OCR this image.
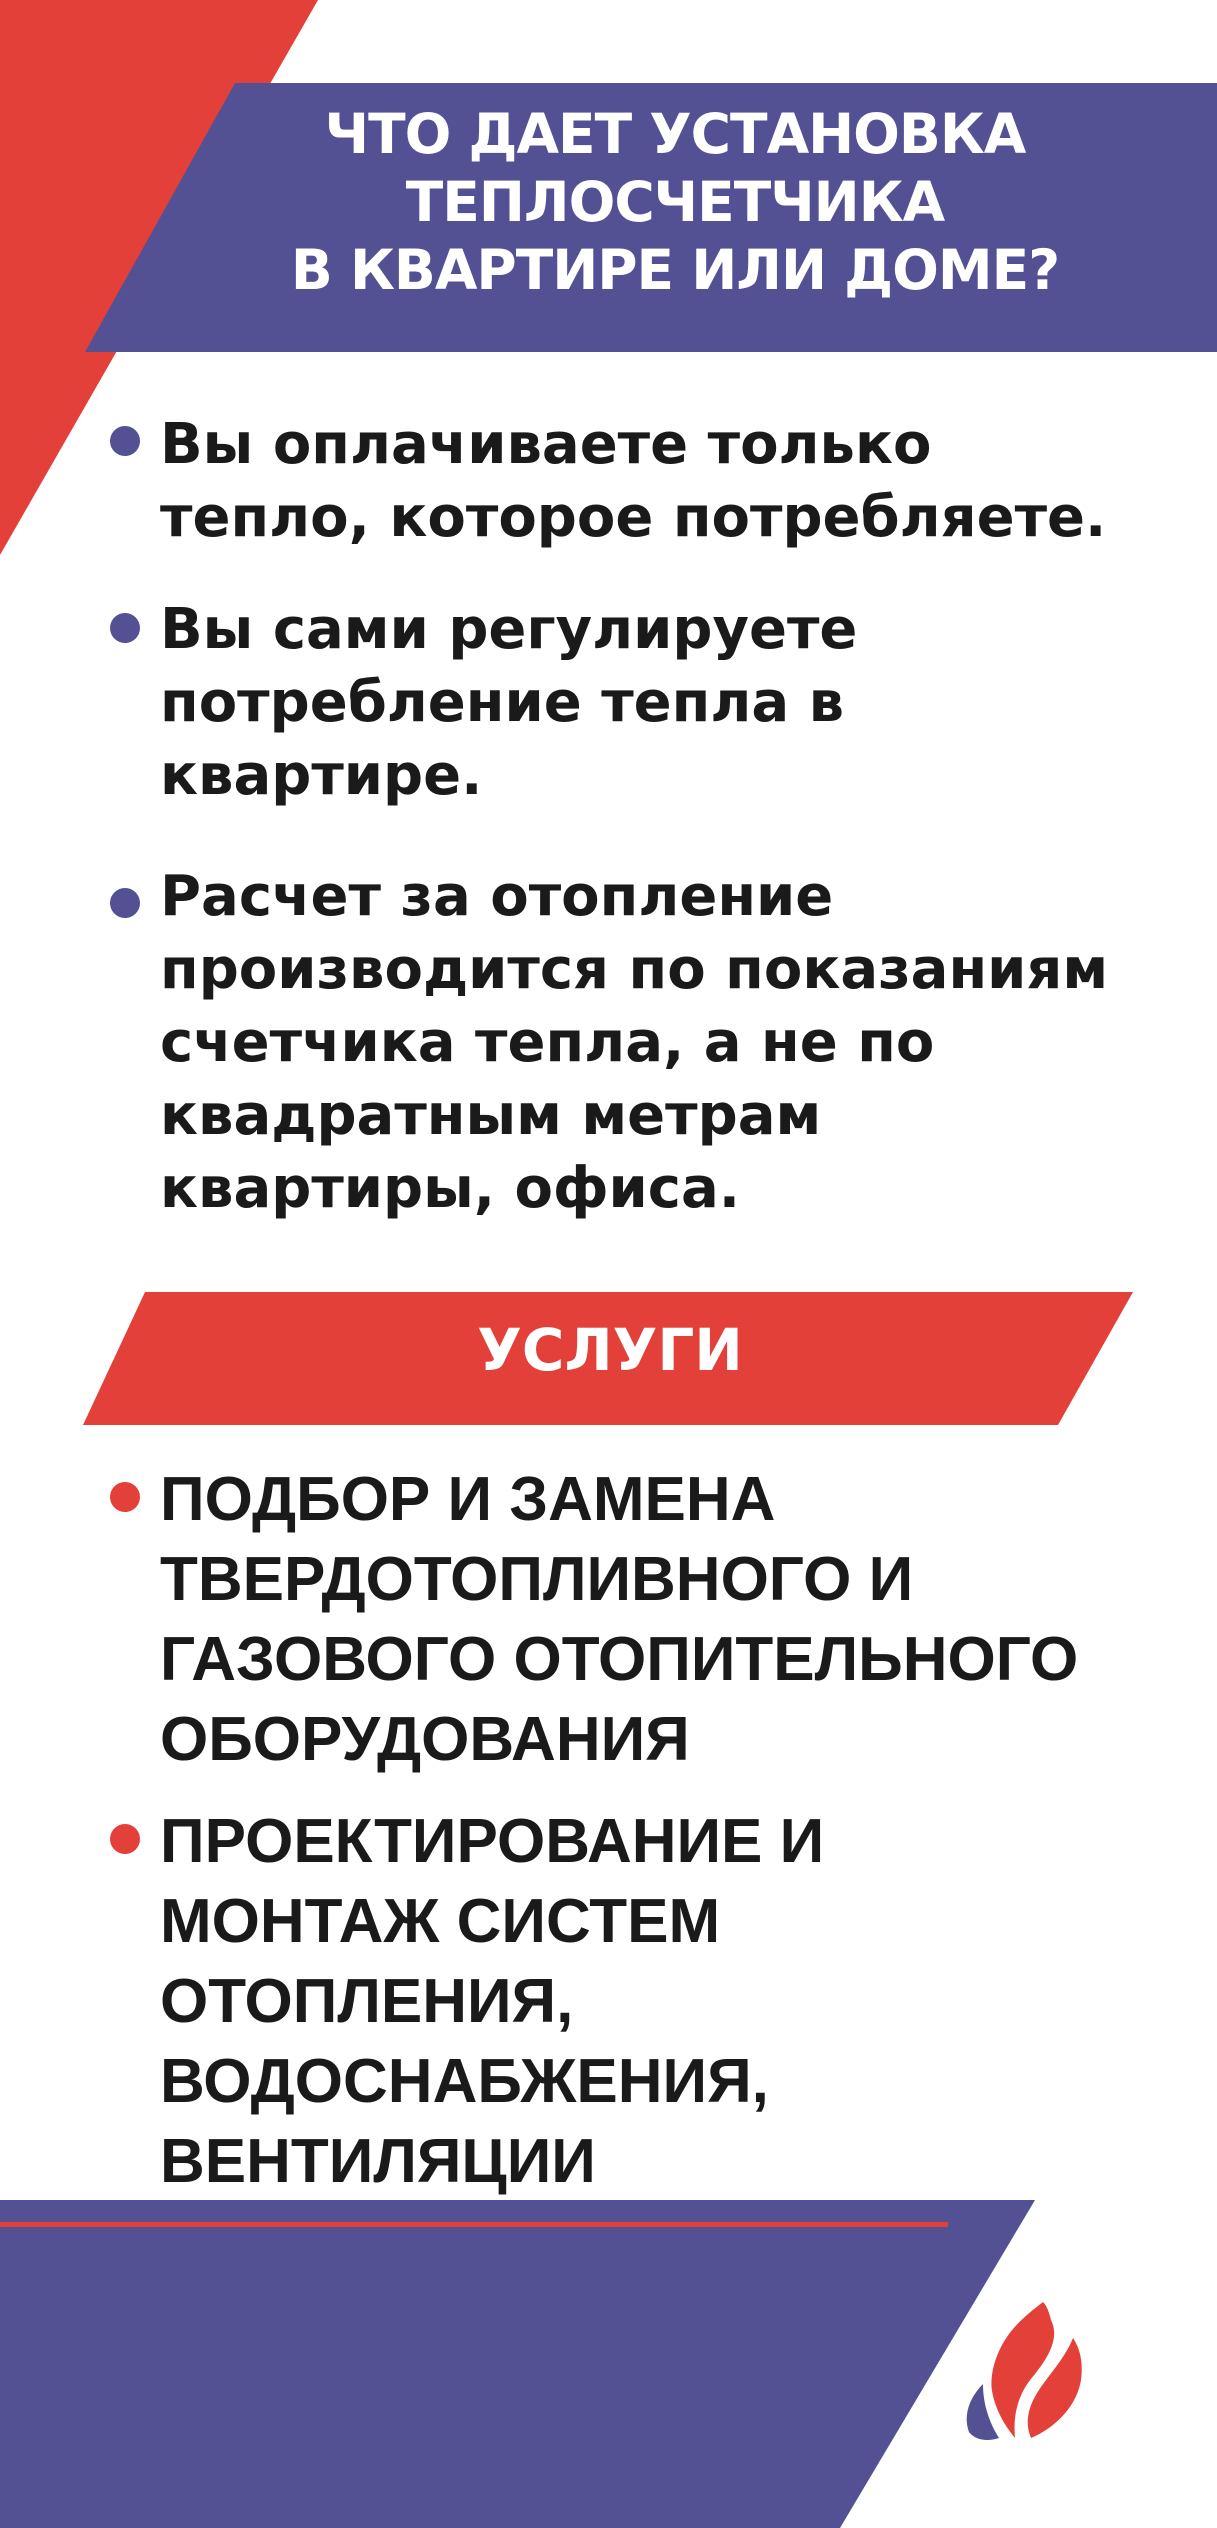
ЧТО ДАЕТ УСТАНОВКА
ТЕПЛОСЧЕТЧИКА
В КВАРТИРЕ ИЛИ ДОМЕ?
Вы оплачиваете только
тепло, которое потребляете.
Вы сами регулируете
потребление тепла в
квартире.
Расчет за отопление
производится по показаниям
счетчика тепла, а не по
квадратным метрам
квартиры, офиса.
УСЛУГИ
ПОДБОР И ЗАМЕНА
ТВЕРДОТОПЛИВНОГО И
ГАЗОВОГО ОТОПИТЕЛЬНОГО
ОБОРУДОВАНИЯ
ПРОЕКТИРОВАНИЕ И
МОНТАЖ СИСТЕМ
ОТОПЛЕНИЯ,
ВОДОСНАБЖЕНИЯ,
ВЕНТИЛЯЦИИ
